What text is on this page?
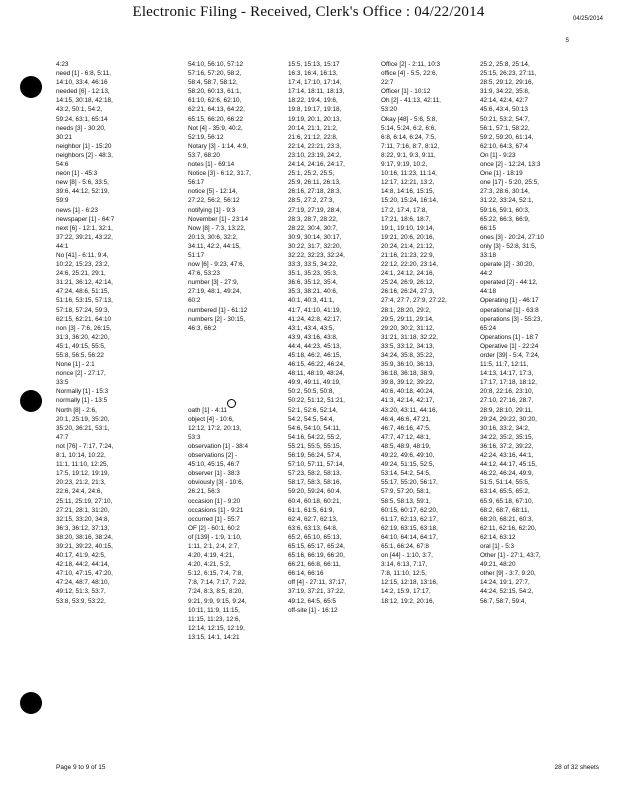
Electronic Filing - Received, Clerk's Office : 04/22/2014	04/25/2014
5
4:23
need [1] - 6:8, 5:11,
14:10, 33:4, 46:16
needed [6] - 12:13,
14:15, 30:18, 42:18,
43:2, 50:1, 54:2,
59:24, 63:1, 65:14
needs [3] - 30:20,
30:21
neighbor [1] - 15:20
neighbors [2] - 48:3,
54:6
neon [1] - 45:3
new [8] - 5:6, 33:5,
39:6, 44:12, 52:19,
59:9
news [1] - 6:23
newspaper [1] - 64:7
next [6] - 12:1, 32:1,
37:22, 39:21, 43:22,
44:1
No [41] - 6:11, 9:4,
10:22, 15:23, 23:2,
24:6, 25:21, 29:1,
31:21, 36:12, 42:14,
47:24, 48:6, 51:15,
51:16, 53:15, 57:13,
57:18, 57:24, 59:3,
62:15, 62:21, 64:10
non [3] - 7:6, 26:15,
31:3, 36:20, 42:20,
45:1, 49:15, 55:5,
55:8, 56:5, 56:22
None [1] - 2:1
nonce [2] - 27:17,
33:5
Normally [1] - 15:3
normally [1] - 13:5
North [8] - 2:6,
20:1, 25:19, 35:20,
35:20, 36:21, 53:1,
47:7
not [76] - 7:17, 7:24,
8:1, 10:14, 10:22,
11:1, 11:10, 12:25,
17:5, 19:12, 19:19,
20:23, 21:2, 21:3,
22:6, 24:4, 24:6,
25:11, 25:19, 27:10,
27:21, 28:1, 31:20,
32:15, 33:20, 34:8,
36:3, 36:12, 37:13,
38:20, 38:16, 38:24,
39:21, 39:22, 40:15,
40:17, 41:9, 42:5,
42:18, 44:2, 44:14,
47:10, 47:15, 47:20,
47:24, 48:7, 48:10,
49:12, 51:3, 53:7,
53:8, 53:9, 53:22,
54:10, 56:10, 57:12
57:16, 57:20, 58:2,
58:4, 58:7, 58:12,
58:20, 60:13, 61:1,
61:10, 62:6, 62:10,
62:21, 64:13, 64:22,
65:15, 66:20, 66:22
Not [4] - 35:9, 40:2,
52:19, 56:12
Notary [3] - 1:14, 4:9,
53:7, 68:20
notes [1] - 69:14
Notice [3] - 6:12, 31:7,
56:17
notice [5] - 12:14,
27:22, 56:2, 56:12
notifying [1] - 9:3
November [1] - 23:14
Now [8] - 7:3, 13:22,
20:13, 30:6, 32:2,
34:11, 42:2, 44:15,
51:17
now [6] - 9:23, 47:6,
47:6, 53:23
number [3] - 27:9,
27:19, 48:1, 49:24,
60:2
numbered [1] - 61:12
numbers [2] - 30:15,
46:3, 66:2

oath [1] - 4:11
object [4] - 10:6,
12:12, 17:2, 20:13,
53:3
observation [1] - 38:4
observations [2] -
45:10, 45:15, 46:7
observer [1] - 38:3
obviously [3] - 10:6,
26:21, 56:3
occasion [1] - 9:20
occasions [1] - 9:21
occurred [1] - 55:7
OF [2] - 60:1, 60:2
of [139] - 1:9, 1:10,
1:11, 2:1, 2:4, 2:7,
4:20, 4:19, 4:21,
4:20, 4:21, 5:2,
5:12, 6:15, 7:4, 7:8,
7:8, 7:14, 7:17, 7:22,
7:24, 8:3, 8:5, 8:20,
9:21, 9:9, 9:15, 9:24,
10:11, 11:9, 11:15,
11:15, 11:23, 12:6,
12:14, 12:15, 12:19,
13:15, 14:1, 14:21
15:5, 15:13, 15:17
16:3, 16:4, 16:13,
17:4, 17:10, 17:14,
17:14, 18:11, 18:13,
18:22, 19:4, 19:6,
19:8, 19:17, 19:18,
19:19, 20:1, 20:13,
20:14, 21:1, 21:2,
21:6, 21:12, 22:8,
22:14, 22:21, 23:3,
23:10, 23:19, 24:2,
24:14, 24:16, 24:17,
25:1, 25:2, 25:5,
25:9, 26:11, 26:13,
26:16, 27:18, 28:3,
28:5, 27:2, 27:3,
27:19, 27:19, 28:4,
28:3, 28:7, 28:22,
28:22, 30:4, 30:7,
30:9, 30:14, 30:17,
30:22, 31:7, 32:20,
32:22, 32:23, 32:24,
33:3, 33:5, 34:22,
35:1, 35:23, 35:3,
36:6, 35:12, 35:4,
35:3, 38:21, 40:6,
40:1, 40:3, 41:1,
41:7, 41:10, 41:19,
41:24, 42:8, 42:17,
43:1, 43:4, 43:5,
43:9, 43:16, 43:8,
44:4, 44:23, 45:13,
45:18, 46:2, 46:15,
46:15, 46:22, 46:24,
48:11, 48:19, 48:24,
49:9, 49:11, 49:19,
50:2, 50:5, 50:8,
50:22, 51:12, 51:21,
52:1, 52:6, 52:14,
54:2, 54:5, 54:4,
54:6, 54:10, 54:11,
54:16, 54:22, 55:2,
55:21, 55:5, 55:15,
56:19, 56:24, 57:4,
57:10, 57:11, 57:14,
57:23, 58:2, 58:13,
58:17, 58:3, 58:16,
59:20, 59:24, 60:4,
60:4, 60:18, 60:21,
61:1, 61:5, 61:9,
62:4, 62:7, 62:13,
63:6, 63:13, 64:8,
65:2, 65:10, 65:13,
65:15, 65:17, 65:24,
65:16, 66:19, 66:20,
66:21, 66:8, 66:11,
66:14, 66:16
off [4] - 27:11, 37:17,
37:19, 37:21, 37:22,
49:12, 64:5, 65:5
off-site [1] - 16:12
Office [2] - 2:11, 10:3
office [4] - 5:5, 22:6,
22:7
Officer [1] - 10:12
Oh [2] - 41:13, 42:11,
53:20
Okay [48] - 5:6, 5:8,
5:14, 5:24, 6:2, 6:6,
6:8, 6:14, 6:24, 7:5,
7:11, 7:16, 8:7, 8:12,
8:22, 9:1, 9:3, 9:11,
9:17, 9:19, 10:2,
10:16, 11:23, 11:14,
12:17, 12:21, 13:2,
14:8, 14:16, 15:15,
15:20, 15:24, 16:14,
17:2, 17:4, 17:8,
17:21, 18:6, 18:7,
19:1, 19:10, 19:14,
19:21, 20:6, 20:16,
20:24, 21:4, 21:12,
21:16, 21:23, 22:9,
22:12, 22:20, 23:14,
24:1, 24:12, 24:16,
25:24, 26:9, 26:12,
26:16, 26:24, 27:3,
27:4, 27:7, 27:9, 27:22,
28:1, 28:20, 29:2,
29:5, 29:11, 29:14,
29:20, 30:2, 31:12,
31:21, 31:18, 32:22,
33:5, 33:12, 34:13,
34:24, 35:8, 35:22,
35:9, 36:10, 36:13,
36:18, 36:18, 38:9,
39:8, 39:12, 39:22,
40:6, 40:18, 40:24,
41:3, 42:14, 42:17,
43:20, 43:11, 44:16,
46:4, 46:6, 47:21,
46:7, 46:16, 47:5,
47:7, 47:12, 48:1,
48:5, 48:9, 48:19,
49:22, 49:6, 49:10,
49:24, 51:15, 52:5,
53:14, 54:2, 54:5,
55:17, 55:20, 56:17,
57:9, 57:20, 58:1,
58:5, 58:13, 59:1,
60:15, 60:17, 62:20,
61:17, 62:13, 62:17,
62:19, 63:15, 63:18,
64:10, 64:14, 64:17,
65:1, 66:24, 67:8
on [44] - 1:10, 3:7,
3:14, 6:13, 7:17,
7:8, 11:10, 12:5,
12:15, 12:18, 13:16,
14:2, 15:9, 17:17,
18:12, 19:2, 20:16,
25:2, 25:8, 25:14,
25:15, 26:23, 27:11,
28:5, 29:12, 29:16,
31:9, 34:22, 35:8,
42:14, 42:4, 42:7
45:6, 43:4, 50:13
50:21, 53:2, 54:7,
56:1, 57:1, 58:22,
59:2, 59:20, 61:14,
62:10, 64:3, 67:4
On [1] - 9:23
once [2] - 12:24, 13:3
One [1] - 18:19
one [17] - 5:20, 25:5,
27:3, 28:6, 30:14,
31:22, 33:24, 52:1,
59:16, 59:1, 60:3,
65:22, 66:3, 66:9,
66:15
ones [3] - 20:24, 27:10
only [3] - 52:8, 31:5,
33:18
operate [2] - 30:20,
44:2
operated [2] - 44:12,
44:18
Operating [1] - 46:17
operational [1] - 63:8
operations [3] - 55:23,
65:24
Operations [1] - 18:7
Operative [1] - 22:24
order [39] - 5:4, 7:24,
11:5, 11:7, 12:11,
14:13, 14:17, 17:3,
17:17, 17:18, 18:12,
20:8, 22:16, 23:10,
27:10, 27:16, 28:7,
28:9, 28:10, 29:11,
29:24, 29:22, 30:20,
30:16, 33:2, 34:2,
34:22, 35:2, 35:15,
36:16, 37:2, 39:22,
42:24, 43:16, 44:1,
44:12, 44:17, 45:15,
46:22, 46:24, 49:9,
51:5, 51:14, 55:5,
63:14, 65:5, 65:2,
65:9, 65:18, 67:10,
68:2, 68:7, 68:11,
68:20, 68:21, 60:3,
62:11, 62:16, 62:20,
62:14, 63:12
oral [1] - 5:3
Other [1] - 27:1, 43:7,
49:21, 48:20
other [9] - 3:7, 9:20,
14:24, 19:1, 27:7,
44:24, 52:15, 54:2,
56:7, 58:7, 59:4,
Page 9 to 9 of 15	28 of 32 sheets
